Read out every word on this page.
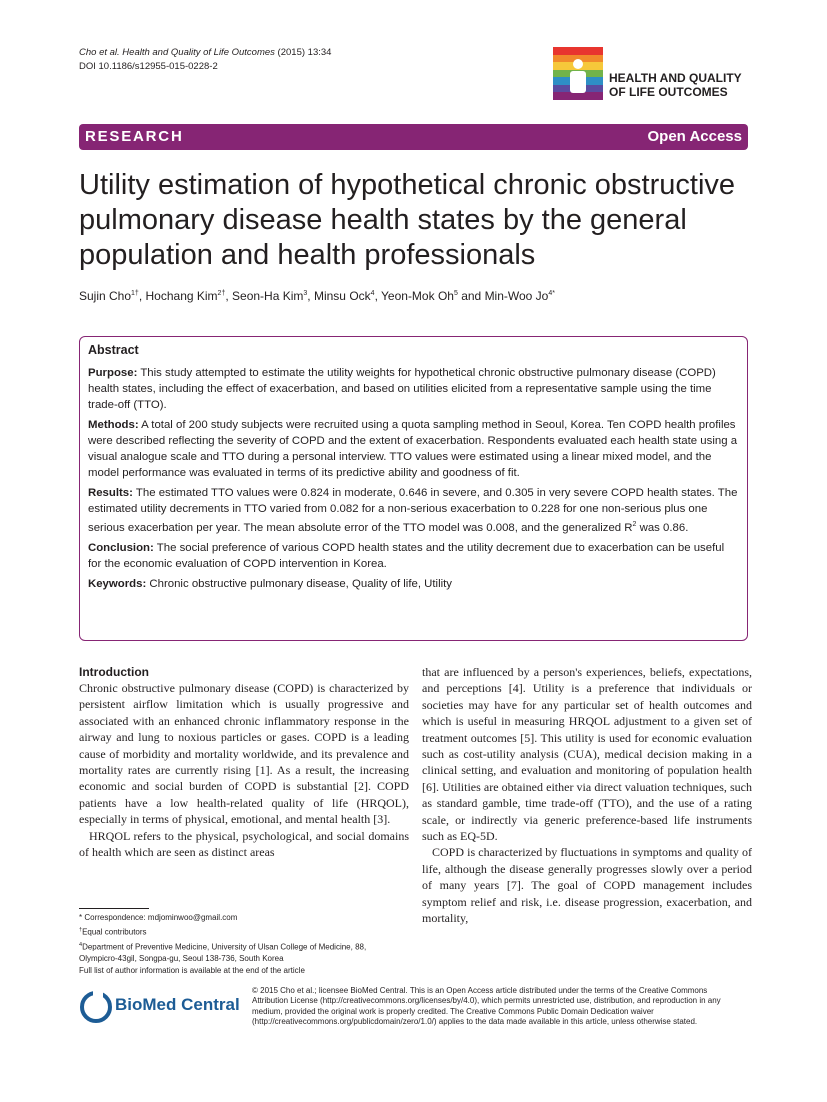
Cho et al. Health and Quality of Life Outcomes (2015) 13:34
DOI 10.1186/s12955-015-0228-2
HEALTH AND QUALITY
OF LIFE OUTCOMES
RESEARCH	Open Access
Utility estimation of hypothetical chronic obstructive pulmonary disease health states by the general population and health professionals
Sujin Cho$^{1\dagger}$, Hochang Kim$^{2\dagger}$, Seon-Ha Kim$^3$, Minsu Ock$^4$, Yeon-Mok Oh$^5$ and Min-Woo $Jo^{4*}$
Abstract

Purpose: This study attempted to estimate the utility weights for hypothetical chronic obstructive pulmonary disease (COPD) health states, including the effect of exacerbation, and based on utilities elicited from a representative sample using the time trade-off (TTO).

Methods: A total of 200 study subjects were recruited using a quota sampling method in Seoul, Korea. Ten COPD health profiles were described reflecting the severity of COPD and the extent of exacerbation. Respondents evaluated each health state using a visual analogue scale and TTO during a personal interview. TTO values were estimated using a linear mixed model, and the model performance was evaluated in terms of its predictive ability and goodness of fit.

Results: The estimated TTO values were 0.824 in moderate, 0.646 in severe, and 0.305 in very severe COPD health states. The estimated utility decrements in TTO varied from 0.082 for a non-serious exacerbation to 0.228 for one non-serious plus one serious exacerbation per year. The mean absolute error of the TTO model was 0.008, and the generalized $R^2$ was 0.86.

Conclusion: The social preference of various COPD health states and the utility decrement due to exacerbation can be useful for the economic evaluation of COPD intervention in Korea.

Keywords: Chronic obstructive pulmonary disease, Quality of life, Utility

Introduction

Chronic obstructive pulmonary disease (COPD) is characterized by persistent airflow limitation which is usually progressive and associated with an enhanced chronic inflammatory response in the airway and lung to noxious particles or gases. COPD is a leading cause of morbidity and mortality worldwide, and its prevalence and mortality rates are currently rising [1]. As a result, the increasing economic and social burden of COPD is substantial [2]. COPD patients have a low health-related quality of life (HRQOL), especially in terms of physical, emotional, and mental health [3].

HRQOL refers to the physical, psychological, and social domains of health which are seen as distinct areas

that are influenced by a person's experiences, beliefs, expectations, and perceptions [4]. Utility is a preference that individuals or societies may have for any particular set of health outcomes and which is useful in measuring HRQOL adjustment to a given set of treatment outcomes [5]. This utility is used for economic evaluation such as cost-utility analysis (CUA), medical decision making in a clinical setting, and evaluation and monitoring of population health [6]. Utilities are obtained either via direct valuation techniques, such as standard gamble, time trade-off (TTO), and the use of a rating scale, or indirectly via generic preference-based life instruments such as EQ-5D.

COPD is characterized by fluctuations in symptoms and quality of life, although the disease generally progresses slowly over a period of many years [7]. The goal of COPD management includes symptom relief and risk, i.e. disease progression, exacerbation, and mortality,

* Correspondence: mdjominwoo@gmail.com

†Equal contributors

$^4$Department of Preventive Medicine, University of Ulsan College of Medicine, 88, Olympicro-43gil, Songpa-gu, Seoul 138-736, South Korea

Full list of author information is available at the end of the article

BioMed Central
© 2015 Cho et al.; licensee BioMed Central. This is an Open Access article distributed under the terms of the Creative Commons Attribution License (http://creativecommons.org/licenses/by/4.0), which permits unrestricted use, distribution, and reproduction in any medium, provided the original work is properly credited. The Creative Commons Public Domain Dedication waiver (http://creativecommons.org/publicdomain/zero/1.0/) applies to the data made available in this article, unless otherwise stated.
